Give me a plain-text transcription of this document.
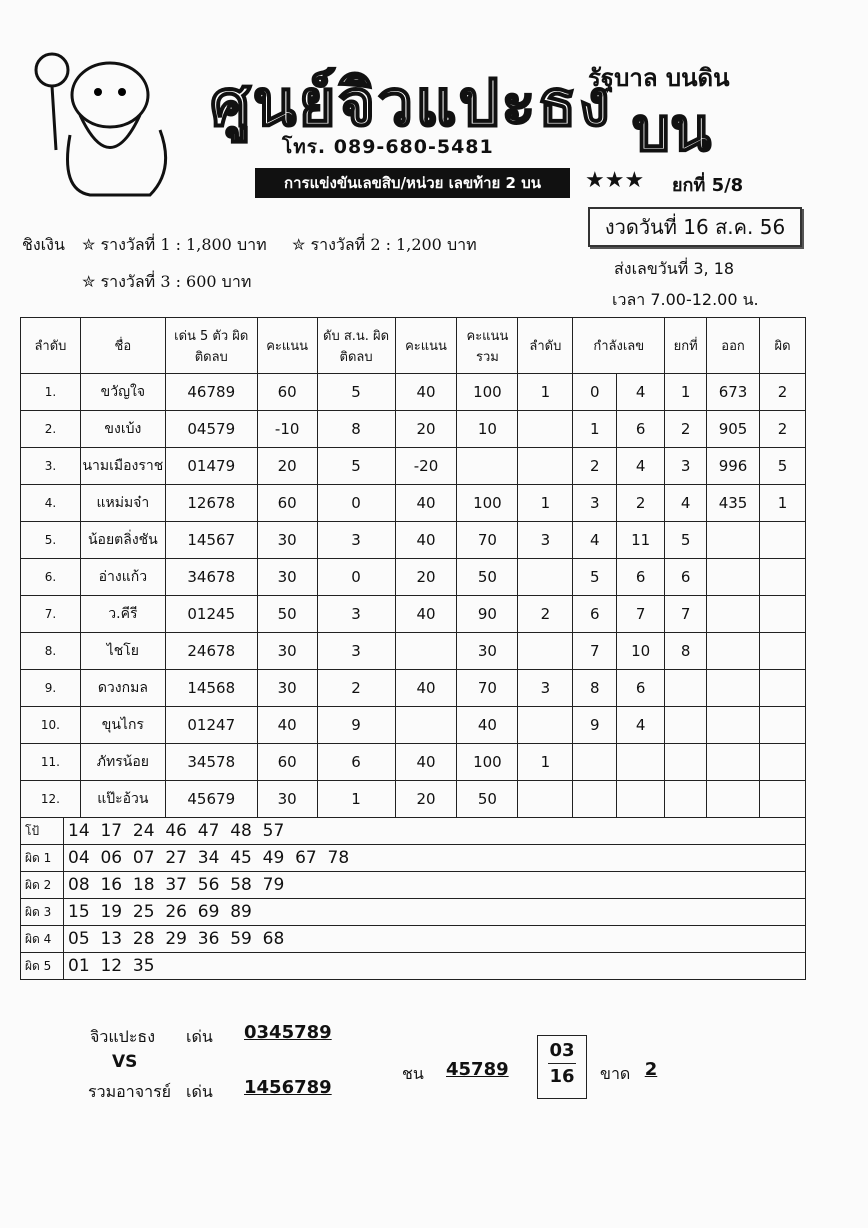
ศูนย์จิวแปะธง
โทร. 089-680-5481
การแข่งขันเลขสิบ/หน่วย เลขท้าย 2 บน	★★★ ยกที่ 5/8
รัฐบาล บนดิน
บน
งวดวันที่ 16 ส.ค. 56
ส่งเลขวันที่ 3, 18
เวลา 7.00-12.00 น.
ชิงเงิน ✮ รางวัลที่ 1 : 1,800 บาท ✮ รางวัลที่ 2 : 1,200 บาท
✮ รางวัลที่ 3 : 600 บาท
ลำดับ	ชื่อ	เด่น 5 ตัว ผิดติดลบ	คะแนน	ดับ ส.น. ผิดติดลบ	คะแนน	คะแนน รวม	ลำดับ	กำลังเลข		ยกที่	ออก	ผิด
1.	ขวัญใจ	46789	60	5	40	100	1	0	4	1	673	2
2.	ขงเบ้ง	04579	-10	8	20	10		1	6	2	905	2
3.	นามเมืองราช	01479	20	5	-20			2	4	3	996	5
4.	แหม่มจ๋า	12678	60	0	40	100	1	3	2	4	435	1
5.	น้อยตลิ่งชัน	14567	30	3	40	70	3	4	11	5		
6.	อ่างแก้ว	34678	30	0	20	50		5	6	6		
7.	ว.คีรี	01245	50	3	40	90	2	6	7	7		
8.	ไชโย	24678	30	3		30		7	10	8		
9.	ดวงกมล	14568	30	2	40	70	3	8	6			
10.	ขุนไกร	01247	40	9		40		9	4			
11.	ภัทรน้อย	34578	60	6	40	100	1					
12.	แป๊ะอ้วน	45679	30	1	20	50						
โป้	14  17  24  46  47  48  57
ผิด 1	04  06  07  27  34  45  49  67  78
ผิด 2	08  16  18  37  56  58  79
ผิด 3	15  19  25  26  69  89
ผิด 4	05  13  28  29  36  59  68
ผิด 5	01  12  35
จิวแปะธง เด่น 0345789
VS
รวมอาจารย์ เด่น 1456789
ชน $45789 \frac{03}{16}$ ขาด 2
